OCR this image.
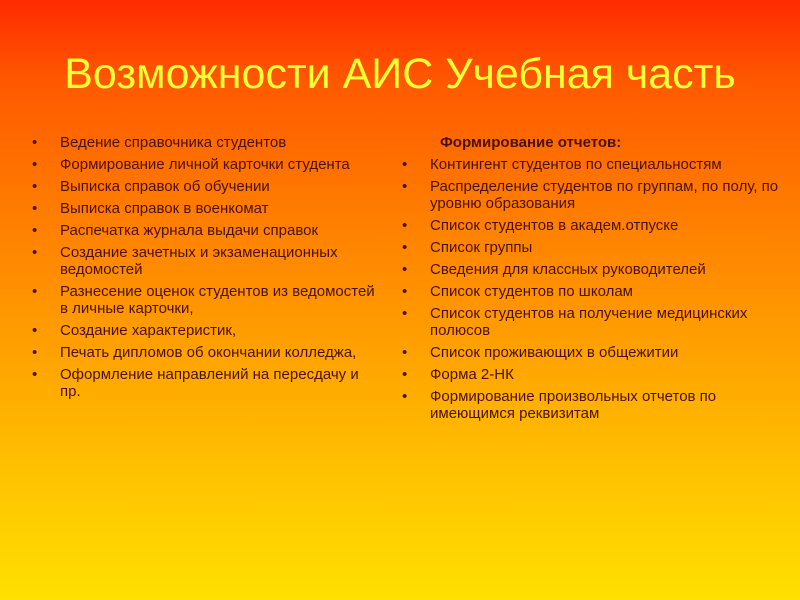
Возможности АИС Учебная часть
•	Ведение справочника студентов
•	Формирование личной карточки студента
•	Выписка справок об обучении
•	Выписка справок в военкомат
•	Распечатка журнала выдачи справок
•	Создание зачетных и экзаменационных ведомостей
•	Разнесение оценок студентов из ведомостей в личные карточки,
•	Создание характеристик,
•	Печать дипломов об окончании колледжа,
•	Оформление направлений на пересдачу и пр.
Формирование отчетов:
•	Контингент студентов по специальностям
•	Распределение студентов по группам, по полу, по уровню образования
•	Список студентов в академ.отпуске
•	Список группы
•	Сведения для классных руководителей
•	Список студентов по школам
•	Список студентов на получение медицинских полюсов
•	Список проживающих в общежитии
•	Форма 2-НК
•	Формирование произвольных отчетов по имеющимся реквизитам
